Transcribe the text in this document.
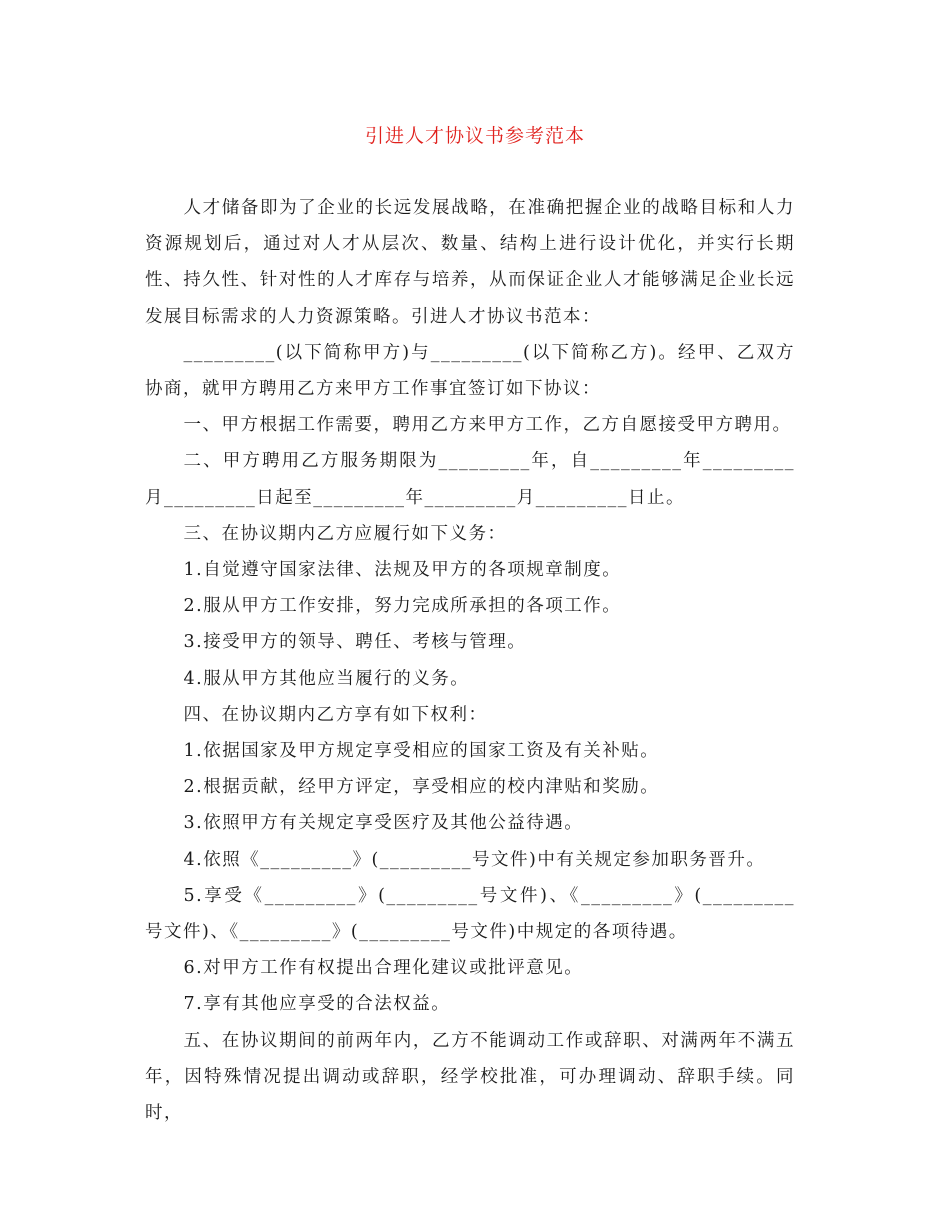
引进人才协议书参考范本

人才储备即为了企业的长远发展战略，在准确把握企业的战略目标和人力资源规划后，通过对人才从层次、数量、结构上进行设计优化，并实行长期性、持久性、针对性的人才库存与培养，从而保证企业人才能够满足企业长远发展目标需求的人力资源策略。引进人才协议书范本：

_________(以下简称甲方)与_________(以下简称乙方)。经甲、乙双方协商，就甲方聘用乙方来甲方工作事宜签订如下协议：

一、甲方根据工作需要，聘用乙方来甲方工作，乙方自愿接受甲方聘用。

二、甲方聘用乙方服务期限为_________年，自_________年_________月_________日起至_________年_________月_________日止。

三、在协议期内乙方应履行如下义务：

1.自觉遵守国家法律、法规及甲方的各项规章制度。

2.服从甲方工作安排，努力完成所承担的各项工作。

3.接受甲方的领导、聘任、考核与管理。

4.服从甲方其他应当履行的义务。

四、在协议期内乙方享有如下权利：

1.依据国家及甲方规定享受相应的国家工资及有关补贴。

2.根据贡献，经甲方评定，享受相应的校内津贴和奖励。

3.依照甲方有关规定享受医疗及其他公益待遇。

4.依照《_________》(_________号文件)中有关规定参加职务晋升。

5.享受《_________》(_________号文件)、《_________》(_________号文件)、《_________》(_________号文件)中规定的各项待遇。

6.对甲方工作有权提出合理化建议或批评意见。

7.享有其他应享受的合法权益。

五、在协议期间的前两年内，乙方不能调动工作或辞职、对满两年不满五年，因特殊情况提出调动或辞职，经学校批准，可办理调动、辞职手续。同时，
